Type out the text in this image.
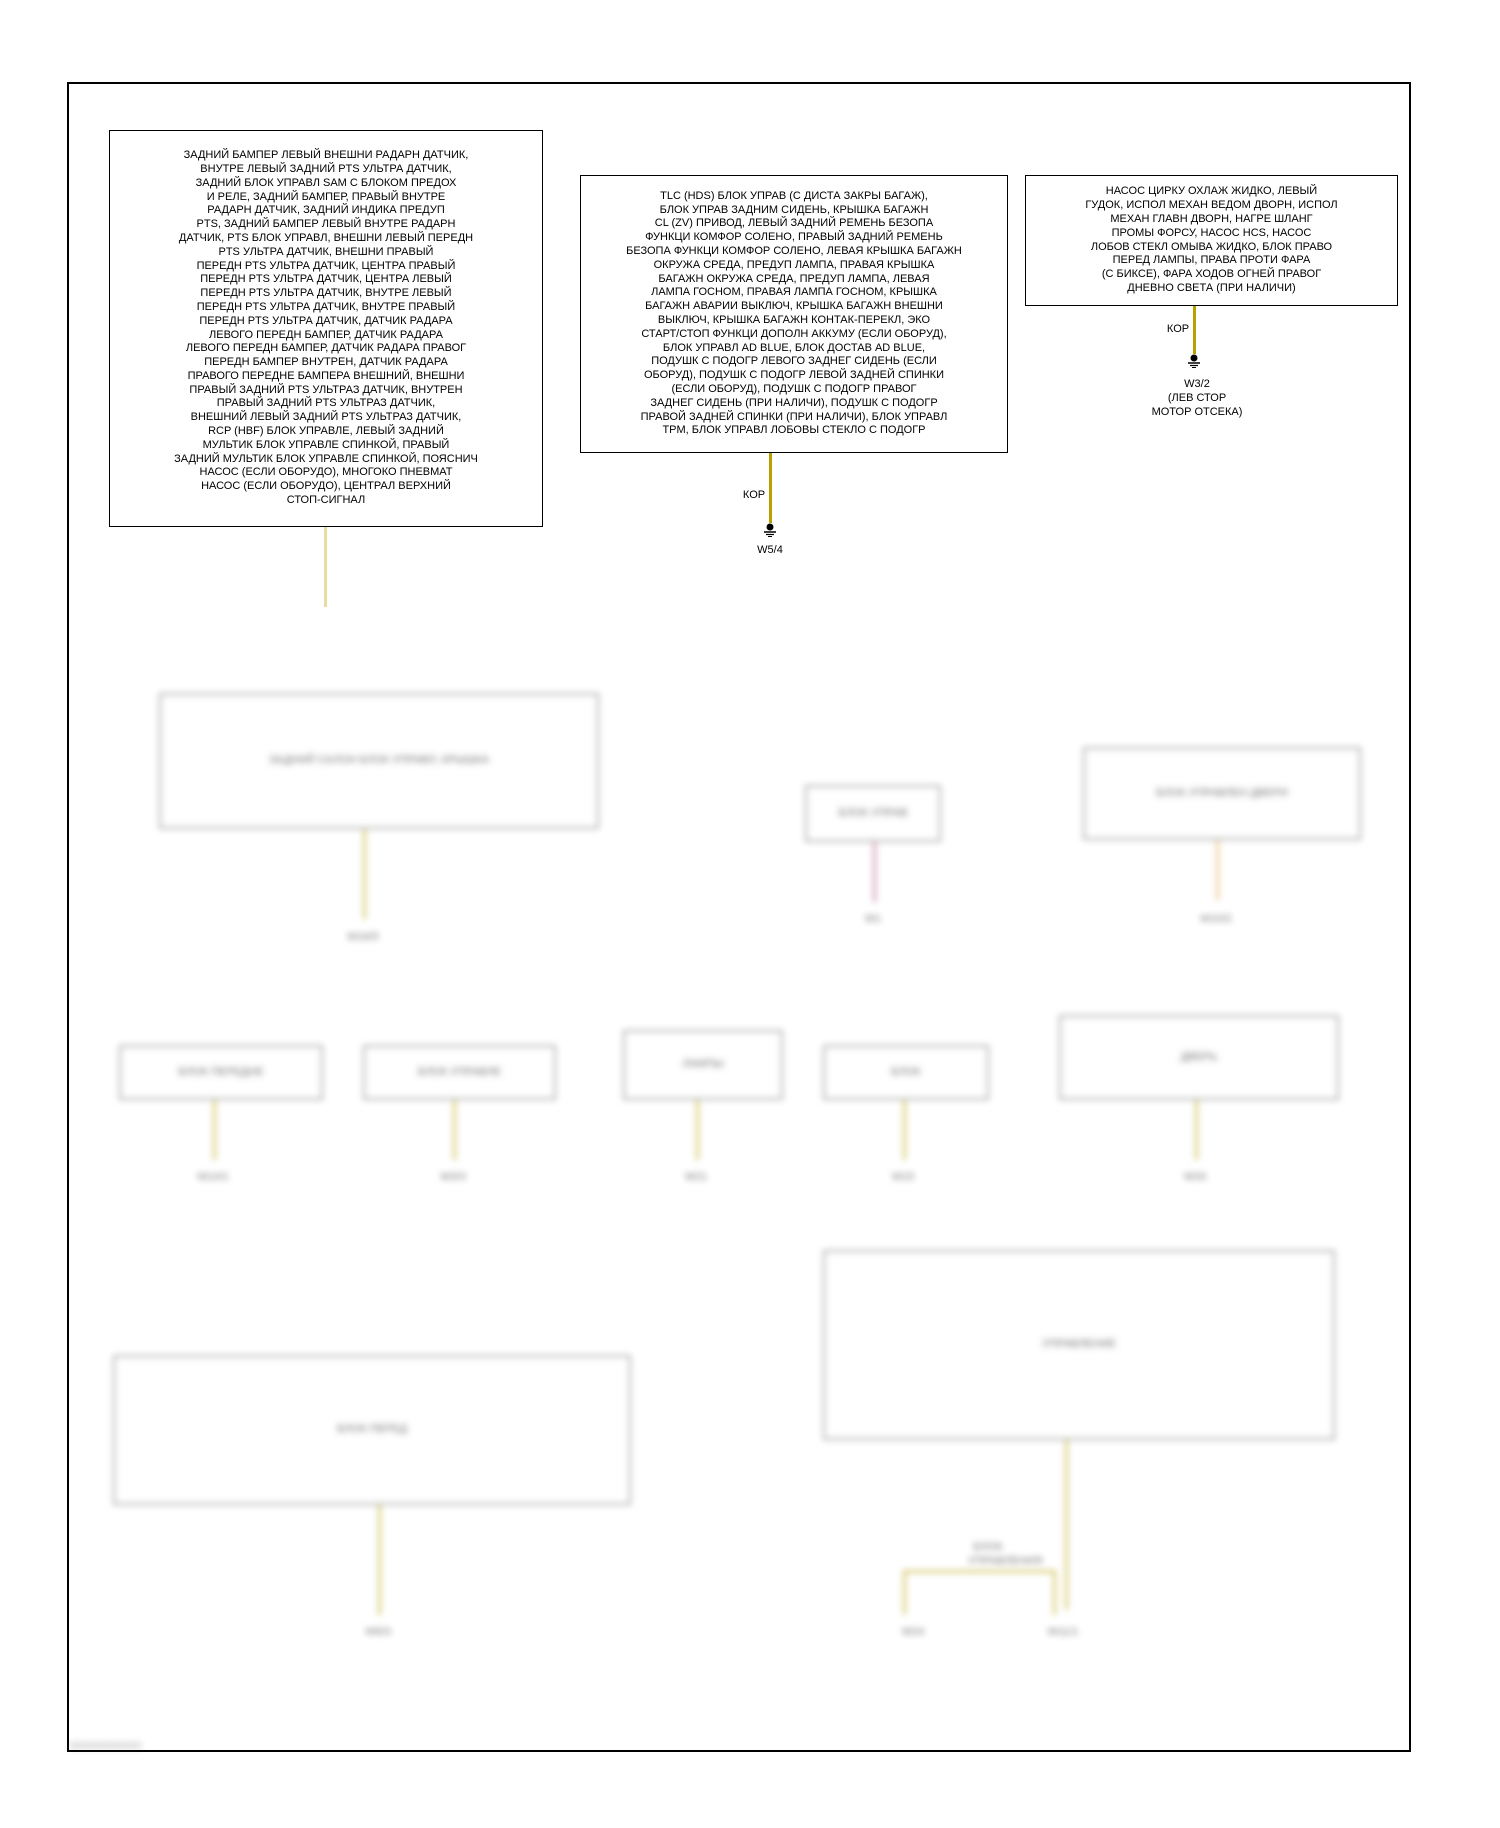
ЗАДНИЙ БАМПЕР ЛЕВЫЙ ВНЕШНИ РАДАРН ДАТЧИК,
ВНУТРЕ ЛЕВЫЙ ЗАДНИЙ PTS УЛЬТРА ДАТЧИК,
ЗАДНИЙ БЛОК УПРАВЛ SAM С БЛОКОМ ПРЕДОХ
И РЕЛЕ, ЗАДНИЙ БАМПЕР, ПРАВЫЙ ВНУТРЕ
РАДАРН ДАТЧИК, ЗАДНИЙ ИНДИКА ПРЕДУП
PTS, ЗАДНИЙ БАМПЕР ЛЕВЫЙ ВНУТРЕ РАДАРН
ДАТЧИК, PTS БЛОК УПРАВЛ, ВНЕШНИ ЛЕВЫЙ ПЕРЕДН
PTS УЛЬТРА ДАТЧИК, ВНЕШНИ ПРАВЫЙ
ПЕРЕДН PTS УЛЬТРА ДАТЧИК, ЦЕНТРА ПРАВЫЙ
ПЕРЕДН PTS УЛЬТРА ДАТЧИК, ЦЕНТРА ЛЕВЫЙ
ПЕРЕДН PTS УЛЬТРА ДАТЧИК, ВНУТРЕ ЛЕВЫЙ
ПЕРЕДН PTS УЛЬТРА ДАТЧИК, ВНУТРЕ ПРАВЫЙ
ПЕРЕДН PTS УЛЬТРА ДАТЧИК, ДАТЧИК РАДАРА
ЛЕВОГО ПЕРЕДН БАМПЕР, ДАТЧИК РАДАРА
ЛЕВОГО ПЕРЕДН БАМПЕР, ДАТЧИК РАДАРА ПРАВОГ
ПЕРЕДН БАМПЕР ВНУТРЕН, ДАТЧИК РАДАРА
ПРАВОГО ПЕРЕДНЕ БАМПЕРА ВНЕШНИЙ, ВНЕШНИ
ПРАВЫЙ ЗАДНИЙ PTS УЛЬТРАЗ ДАТЧИК, ВНУТРЕН
ПРАВЫЙ ЗАДНИЙ PTS УЛЬТРАЗ ДАТЧИК,
ВНЕШНИЙ ЛЕВЫЙ ЗАДНИЙ PTS УЛЬТРАЗ ДАТЧИК,
RCP (HBF) БЛОК УПРАВЛЕ, ЛЕВЫЙ ЗАДНИЙ
МУЛЬТИК БЛОК УПРАВЛЕ СПИНКОЙ, ПРАВЫЙ
ЗАДНИЙ МУЛЬТИК БЛОК УПРАВЛЕ СПИНКОЙ, ПОЯСНИЧ
НАСОС (ЕСЛИ ОБОРУДО), МНОГОКО ПНЕВМАТ
НАСОС (ЕСЛИ ОБОРУДО), ЦЕНТРАЛ ВЕРХНИЙ
СТОП-СИГНАЛ
TLC (HDS) БЛОК УПРАВ (С ДИСТА ЗАКРЫ БАГАЖ),
БЛОК УПРАВ ЗАДНИМ СИДЕНЬ, КРЫШКА БАГАЖН
CL (ZV) ПРИВОД, ЛЕВЫЙ ЗАДНИЙ РЕМЕНЬ БЕЗОПА
ФУНКЦИ КОМФОР СОЛЕНО, ПРАВЫЙ ЗАДНИЙ РЕМЕНЬ
БЕЗОПА ФУНКЦИ КОМФОР СОЛЕНО, ЛЕВАЯ КРЫШКА БАГАЖН
ОКРУЖА СРЕДА, ПРЕДУП ЛАМПА, ПРАВАЯ КРЫШКА
БАГАЖН ОКРУЖА СРЕДА, ПРЕДУП ЛАМПА, ЛЕВАЯ
ЛАМПА ГОСНОМ, ПРАВАЯ ЛАМПА ГОСНОМ, КРЫШКА
БАГАЖН АВАРИИ ВЫКЛЮЧ, КРЫШКА БАГАЖН ВНЕШНИ
ВЫКЛЮЧ, КРЫШКА БАГАЖН КОНТАК-ПЕРЕКЛ, ЭКО
СТАРТ/СТОП ФУНКЦИ ДОПОЛН АККУМУ (ЕСЛИ ОБОРУД),
БЛОК УПРАВЛ AD BLUE, БЛОК ДОСТАВ AD BLUE,
ПОДУШК С ПОДОГР ЛЕВОГО ЗАДНЕГ СИДЕНЬ (ЕСЛИ
ОБОРУД), ПОДУШК С ПОДОГР ЛЕВОЙ ЗАДНЕЙ СПИНКИ
(ЕСЛИ ОБОРУД), ПОДУШК С ПОДОГР ПРАВОГ
ЗАДНЕГ СИДЕНЬ (ПРИ НАЛИЧИ), ПОДУШК С ПОДОГР
ПРАВОЙ ЗАДНЕЙ СПИНКИ (ПРИ НАЛИЧИ), БЛОК УПРАВЛ
TPM, БЛОК УПРАВЛ ЛОБОВЫ СТЕКЛО С ПОДОГР
КОР
W5/4
НАСОС ЦИРКУ ОХЛАЖ ЖИДКО, ЛЕВЫЙ
ГУДОК, ИСПОЛ МЕХАН ВЕДОМ ДВОРН, ИСПОЛ
МЕХАН ГЛАВН ДВОРН, НАГРЕ ШЛАНГ
ПРОМЫ ФОРСУ, НАСОС HCS, НАСОС
ЛОБОВ СТЕКЛ ОМЫВА ЖИДКО, БЛОК ПРАВО
ПЕРЕД ЛАМПЫ, ПРАВА ПРОТИ ФАРА
(С БИКСЕ), ФАРА ХОДОВ ОГНЕЙ ПРАВОГ
ДНЕВНО СВЕТА (ПРИ НАЛИЧИ)
КОР
W3/2
(ЛЕВ СТОР
МОТОР ОТСЕКА)
ЗАДНИЙ САЛОН БЛОК УПРАВЛ, КРЫШКА
W16/5
БЛОК УПРАВ
W1
БЛОК УПРАВЛЕН ДВЕРИ
W10/2
БЛОК ПЕРЕДНЕ
W14/1
БЛОК УПРАВЛЕ
W3/3
ЛАМПЫ
W21
БЛОК
W15
ДВЕРЬ
W33
БЛОК ПЕРЕД
W9/3
УПРАВЛЕНИЕ
W24	W11/1
БЛОК УПРАВЛЕНИЯ
0000000000000
